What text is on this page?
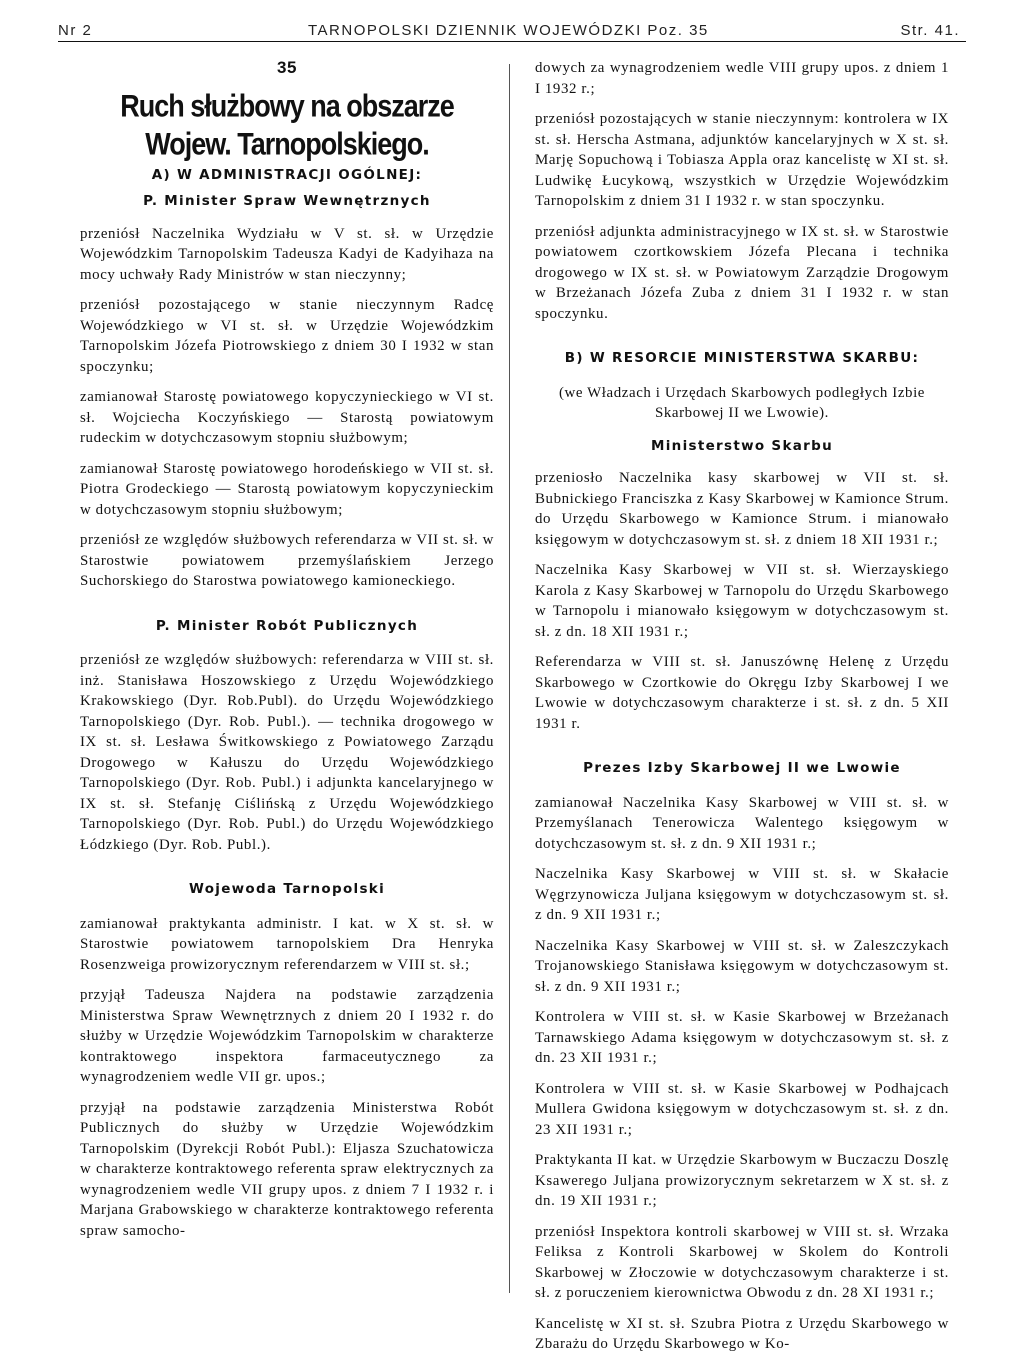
Nr 2	TARNOPOLSKI DZIENNIK WOJEWÓDZKI Poz. 35	Str. 41.
35
Ruch służbowy na obszarze Wojew. Tarnopolskiego.
A) W ADMINISTRACJI OGÓLNEJ:
P. Minister Spraw Wewnętrznych

przeniósł Naczelnika Wydziału w V st. sł. w Urzędzie Wojewódzkim Tarnopolskim Tadeusza Kadyi de Kadyihaza na mocy uchwały Rady Ministrów w stan nieczynny;

przeniósł pozostającego w stanie nieczynnym Radcę Wojewódzkiego w VI st. sł. w Urzędzie Wojewódzkim Tarnopolskim Józefa Piotrowskiego z dniem 30 I 1932 w stan spoczynku;

zamianował Starostę powiatowego kopyczynieckiego w VI st. sł. Wojciecha Koczyńskiego — Starostą powiatowym rudeckim w dotychczasowym stopniu służbowym;

zamianował Starostę powiatowego horodeńskiego w VII st. sł. Piotra Grodeckiego — Starostą powiatowym kopyczynieckim w dotychczasowym stopniu służbowym;

przeniósł ze względów służbowych referendarza w VII st. sł. w Starostwie powiatowem przemyślańskiem Jerzego Suchorskiego do Starostwa powiatowego kamioneckiego.

P. Minister Robót Publicznych

przeniósł ze względów służbowych: referendarza w VIII st. sł. inż. Stanisława Hoszowskiego z Urzędu Wojewódzkiego Krakowskiego (Dyr. Rob.Publ). do Urzędu Wojewódzkiego Tarnopolskiego (Dyr. Rob. Publ.). — technika drogowego w IX st. sł. Lesława Świtkowskiego z Powiatowego Zarządu Drogowego w Kałuszu do Urzędu Wojewódzkiego Tarnopolskiego (Dyr. Rob. Publ.) i adjunkta kancelaryjnego w IX st. sł. Stefanję Ciślińską z Urzędu Wojewódzkiego Tarnopolskiego (Dyr. Rob. Publ.) do Urzędu Wojewódzkiego Łódzkiego (Dyr. Rob. Publ.).

Wojewoda Tarnopolski

zamianował praktykanta administr. I kat. w X st. sł. w Starostwie powiatowem tarnopolskiem Dra Henryka Rosenzweiga prowizorycznym referendarzem w VIII st. sł.;

przyjął Tadeusza Najdera na podstawie zarządzenia Ministerstwa Spraw Wewnętrznych z dniem 20 I 1932 r. do służby w Urzędzie Wojewódzkim Tarnopolskim w charakterze kontraktowego inspektora farmaceutycznego za wynagrodzeniem wedle VII gr. upos.;

przyjął na podstawie zarządzenia Ministerstwa Robót Publicznych do służby w Urzędzie Wojewódzkim Tarnopolskim (Dyrekcji Robót Publ.): Eljasza Szuchatowicza w charakterze kontraktowego referenta spraw elektrycznych za wynagrodzeniem wedle VII grupy upos. z dniem 7 I 1932 r. i Marjana Grabowskiego w charakterze kontraktowego referenta spraw samocho-

dowych za wynagrodzeniem wedle VIII grupy upos. z dniem 1 I 1932 r.;

przeniósł pozostających w stanie nieczynnym: kontrolera w IX st. sł. Herscha Astmana, adjunktów kancelaryjnych w X st. sł. Marję Sopuchową i Tobiasza Appla oraz kancelistę w XI st. sł. Ludwikę Łucykową, wszystkich w Urzędzie Wojewódzkim Tarnopolskim z dniem 31 I 1932 r. w stan spoczynku.

przeniósł adjunkta administracyjnego w IX st. sł. w Starostwie powiatowem czortkowskiem Józefa Plecana i technika drogowego w IX st. sł. w Powiatowym Zarządzie Drogowym w Brzeżanach Józefa Zuba z dniem 31 I 1932 r. w stan spoczynku.

B) W RESORCIE MINISTERSTWA SKARBU:

(we Władzach i Urzędach Skarbowych podległych Izbie Skarbowej II we Lwowie).

Ministerstwo Skarbu

przeniosło Naczelnika kasy skarbowej w VII st. sł. Bubnickiego Franciszka z Kasy Skarbowej w Kamionce Strum. do Urzędu Skarbowego w Kamionce Strum. i mianowało księgowym w dotychczasowym st. sł. z dniem 18 XII 1931 r.;

Naczelnika Kasy Skarbowej w VII st. sł. Wierzayskiego Karola z Kasy Skarbowej w Tarnopolu do Urzędu Skarbowego w Tarnopolu i mianowało księgowym w dotychczasowym st. sł. z dn. 18 XII 1931 r.;

Referendarza w VIII st. sł. Januszównę Helenę z Urzędu Skarbowego w Czortkowie do Okręgu Izby Skarbowej I we Lwowie w dotychczasowym charakterze i st. sł. z dn. 5 XII 1931 r.

Prezes Izby Skarbowej II we Lwowie

zamianował Naczelnika Kasy Skarbowej w VIII st. sł. w Przemyślanach Tenerowicza Walentego księgowym w dotychczasowym st. sł. z dn. 9 XII 1931 r.;

Naczelnika Kasy Skarbowej w VIII st. sł. w Skałacie Węgrzynowicza Juljana księgowym w dotychczasowym st. sł. z dn. 9 XII 1931 r.;

Naczelnika Kasy Skarbowej w VIII st. sł. w Zaleszczykach Trojanowskiego Stanisława księgowym w dotychczasowym st. sł. z dn. 9 XII 1931 r.;

Kontrolera w VIII st. sł. w Kasie Skarbowej w Brzeżanach Tarnawskiego Adama księgowym w dotychczasowym st. sł. z dn. 23 XII 1931 r.;

Kontrolera w VIII st. sł. w Kasie Skarbowej w Podhajcach Mullera Gwidona księgowym w dotychczasowym st. sł. z dn. 23 XII 1931 r.;

Praktykanta II kat. w Urzędzie Skarbowym w Buczaczu Doszlę Ksawerego Juljana prowizorycznym sekretarzem w X st. sł. z dn. 19 XII 1931 r.;

przeniósł Inspektora kontroli skarbowej w VIII st. sł. Wrzaka Feliksa z Kontroli Skarbowej w Skolem do Kontroli Skarbowej w Złoczowie w dotychczasowym charakterze i st. sł. z poruczeniem kierownictwa Obwodu z dn. 28 XI 1931 r.;

Kancelistę w XI st. sł. Szubra Piotra z Urzędu Skarbowego w Zbarażu do Urzędu Skarbowego w Ko-
